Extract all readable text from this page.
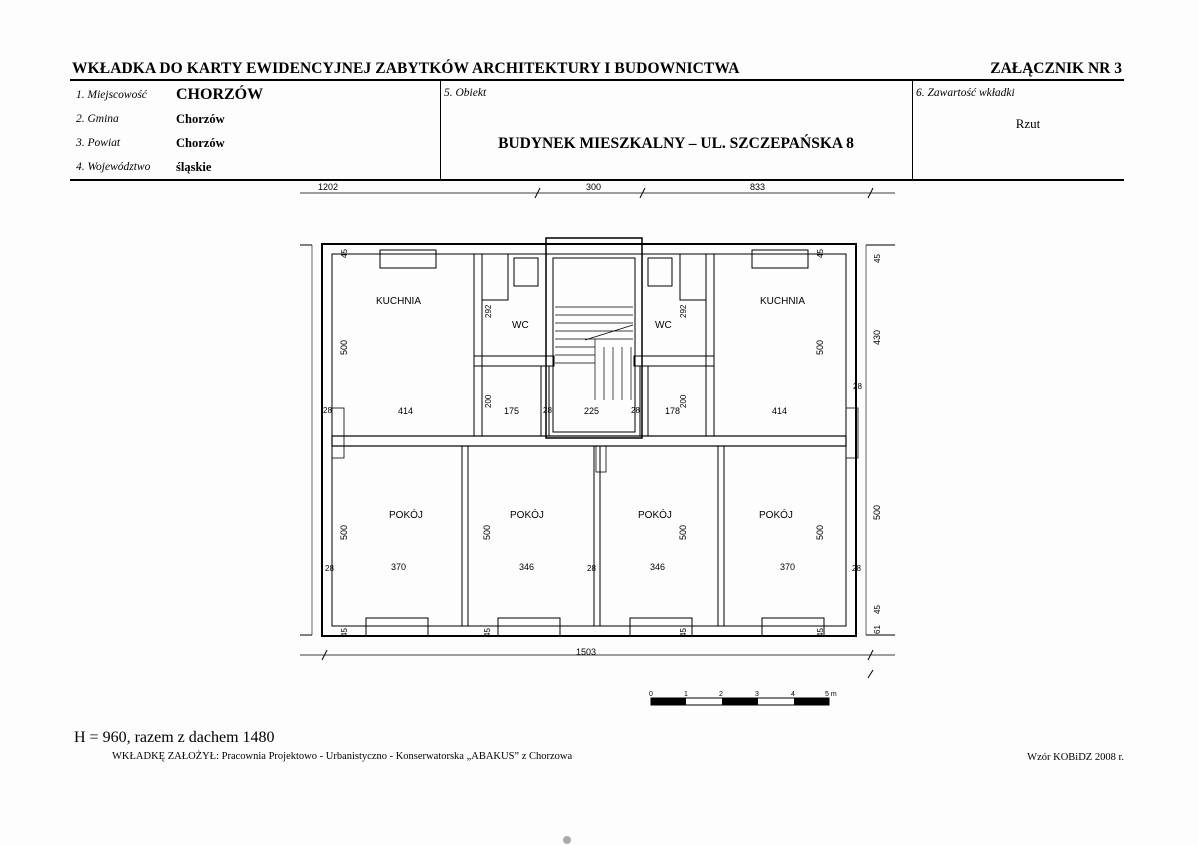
WKŁADKA DO KARTY EWIDENCYJNEJ ZABYTKÓW ARCHITEKTURY I BUDOWNICTWA	ZAŁĄCZNIK NR 3
1. Miejscowość CHORZÓW
2. Gmina	Chorzów
3. Powiat	Chorzów
4. Województwo śląskie
5. Obiekt
BUDYNEK MIESZKALNY – UL. SZCZEPAŃSKA 8
6. Zawartość wkładki
Rzut
1202	300	833
1503
KUCHNIA	KUCHNIA
WC	WC
POKÓJ	POKÓJ	POKÓJ	POKÓJ
414	414
175	225	178
370	346	346	370
28	28	28
28
28	28	28
500	500
500	500	500	500
500
430
292	292
200	200
45	45
45
45	45	45	45
45
61
0	1	2	3	4	5 m
H = 960, razem z dachem 1480
WKŁADKĘ ZAŁOŻYŁ: Pracownia Projektowo - Urbanistyczno - Konserwatorska „ABAKUS” z Chorzowa	Wzór KOBiDZ 2008 r.
